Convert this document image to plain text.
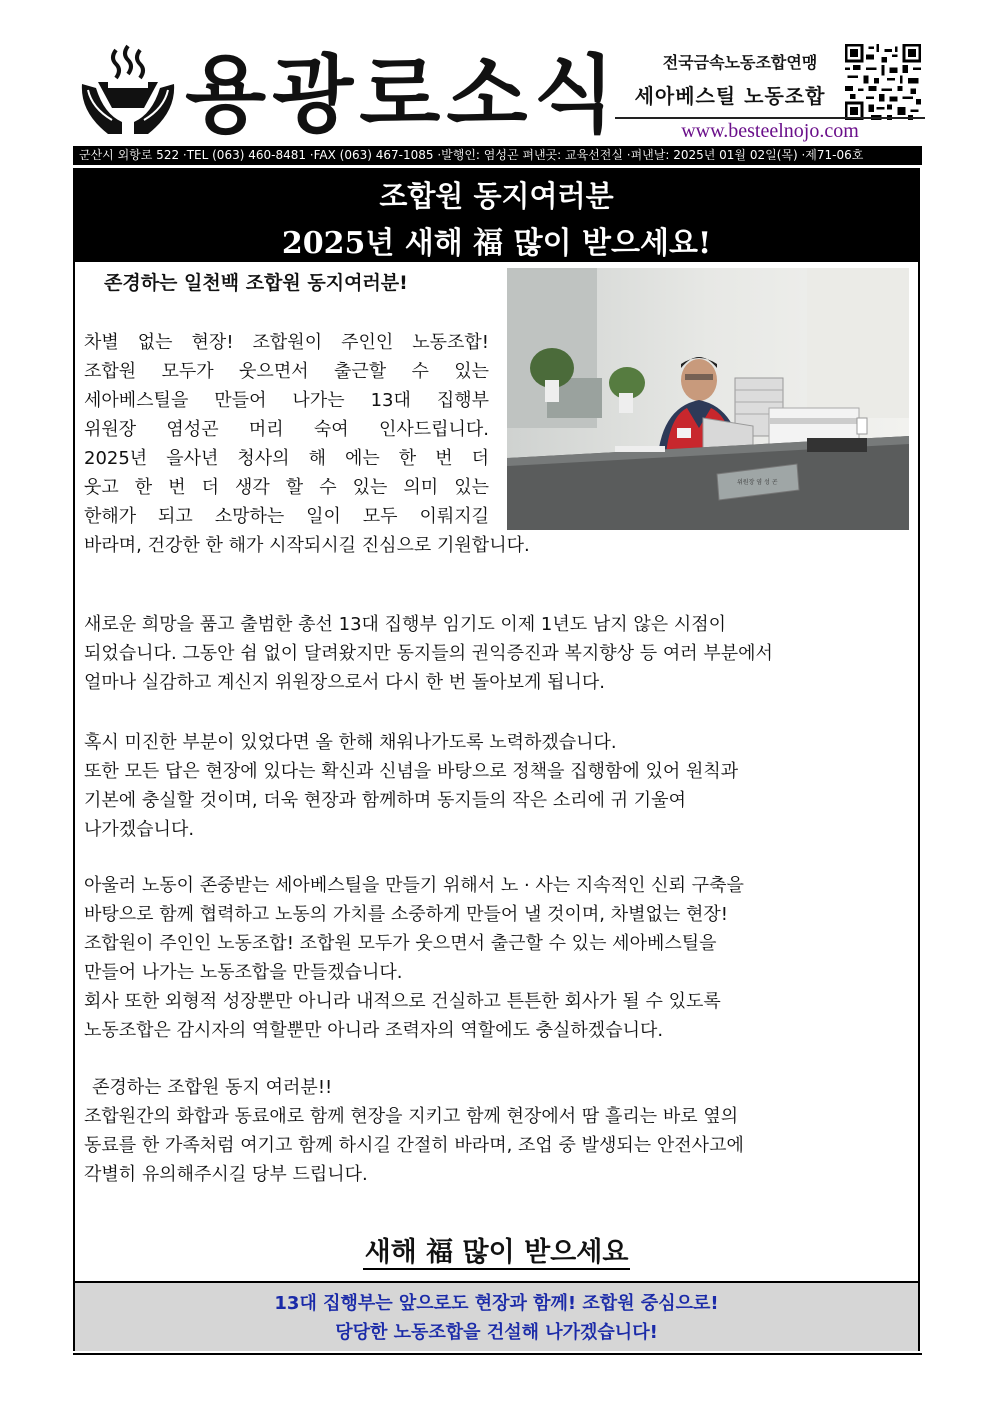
용광로소식	전국금속노동조합연맹
세아베스틸 노동조합
www.besteelnojo.com
군산시 외항로 522 ·TEL (063) 460-8481 ·FAX (063) 467-1085 ·발행인: 염성곤 펴낸곳: 교육선전실 ·펴낸날: 2025년 01월 02일(목) ·제71-06호
조합원 동지여러분
2025년 새해 福 많이 받으세요!
위원장 염 성 곤
존경하는 일천백 조합원 동지여러분!
차별 없는 현장! 조합원이 주인인 노동조합!
조합원 모두가 웃으면서 출근할 수 있는
세아베스틸을 만들어 나가는 13대 집행부
위원장 염성곤 머리 숙여 인사드립니다.
2025년 을사년 청사의 해 에는 한 번 더
웃고 한 번 더 생각 할 수 있는 의미 있는
한해가 되고 소망하는 일이 모두 이뤄지길
바라며, 건강한 한 해가 시작되시길 진심으로 기원합니다.
새로운 희망을 품고 출범한 총선 13대 집행부 임기도 이제 1년도 남지 않은 시점이
되었습니다. 그동안 쉼 없이 달려왔지만 동지들의 권익증진과 복지향상 등 여러 부분에서
얼마나 실감하고 계신지 위원장으로서 다시 한 번 돌아보게 됩니다.
혹시 미진한 부분이 있었다면 올 한해 채워나가도록 노력하겠습니다.
또한 모든 답은 현장에 있다는 확신과 신념을 바탕으로 정책을 집행함에 있어 원칙과
기본에 충실할 것이며, 더욱 현장과 함께하며 동지들의 작은 소리에 귀 기울여
나가겠습니다.
아울러 노동이 존중받는 세아베스틸을 만들기 위해서 노 · 사는 지속적인 신뢰 구축을
바탕으로 함께 협력하고 노동의 가치를 소중하게 만들어 낼 것이며, 차별없는 현장!
조합원이 주인인 노동조합! 조합원 모두가 웃으면서 출근할 수 있는 세아베스틸을
만들어 나가는 노동조합을 만들겠습니다.
회사 또한 외형적 성장뿐만 아니라 내적으로 건실하고 튼튼한 회사가 될 수 있도록
노동조합은 감시자의 역할뿐만 아니라 조력자의 역할에도 충실하겠습니다.
존경하는 조합원 동지 여러분!!
조합원간의 화합과 동료애로 함께 현장을 지키고 함께 현장에서 땀 흘리는 바로 옆의
동료를 한 가족처럼 여기고 함께 하시길 간절히 바라며, 조업 중 발생되는 안전사고에
각별히 유의해주시길 당부 드립니다.
새해 福 많이 받으세요
13대 집행부는 앞으로도 현장과 함께! 조합원 중심으로!
당당한 노동조합을 건설해 나가겠습니다!
